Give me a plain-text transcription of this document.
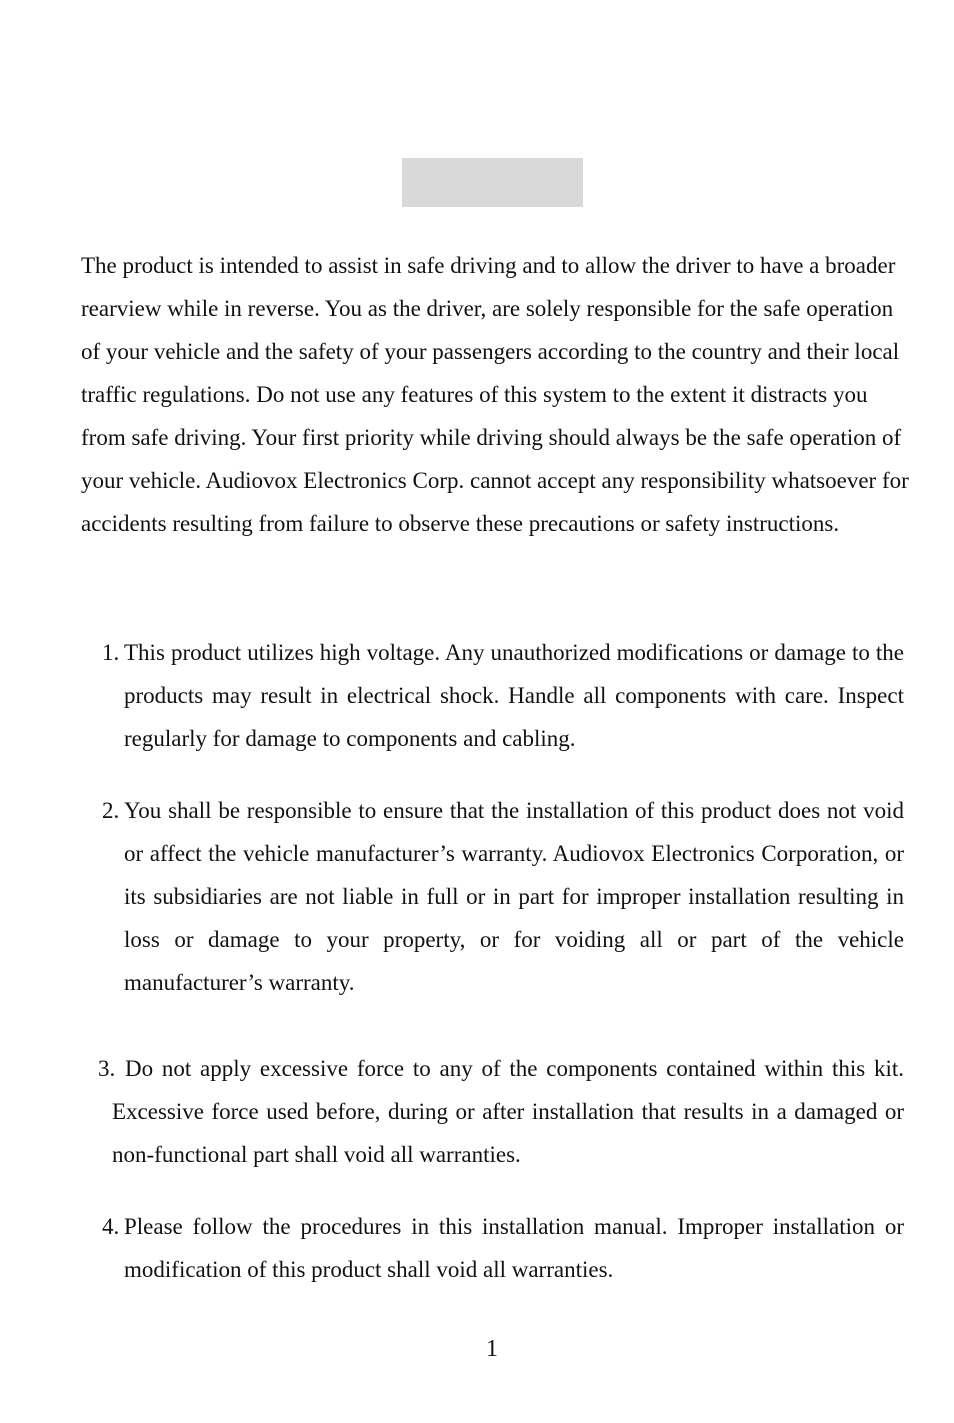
The product is intended to assist in safe driving and to allow the driver to have a broader rearview while in reverse. You as the driver, are solely responsible for the safe operation of your vehicle and the safety of your passengers according to the country and their local traffic regulations. Do not use any features of this system to the extent it distracts you from safe driving. Your first priority while driving should always be the safe operation of your vehicle. Audiovox Electronics Corp. cannot accept any responsibility whatsoever for accidents resulting from failure to observe these precautions or safety instructions.

1. This product utilizes high voltage. Any unauthorized modifications or damage to the products may result in electrical shock. Handle all components with care. Inspect regularly for damage to components and cabling.
2. You shall be responsible to ensure that the installation of this product does not void or affect the vehicle manufacturer’s warranty. Audiovox Electronics Corporation, or its subsidiaries are not liable in full or in part for improper installation resulting in loss or damage to your property, or for voiding all or part of the vehicle manufacturer’s warranty.
3. Do not apply excessive force to any of the components contained within this kit. Excessive force used before, during or after installation that results in a damaged or non-functional part shall void all warranties.
4. Please follow the procedures in this installation manual. Improper installation or modification of this product shall void all warranties.

1
